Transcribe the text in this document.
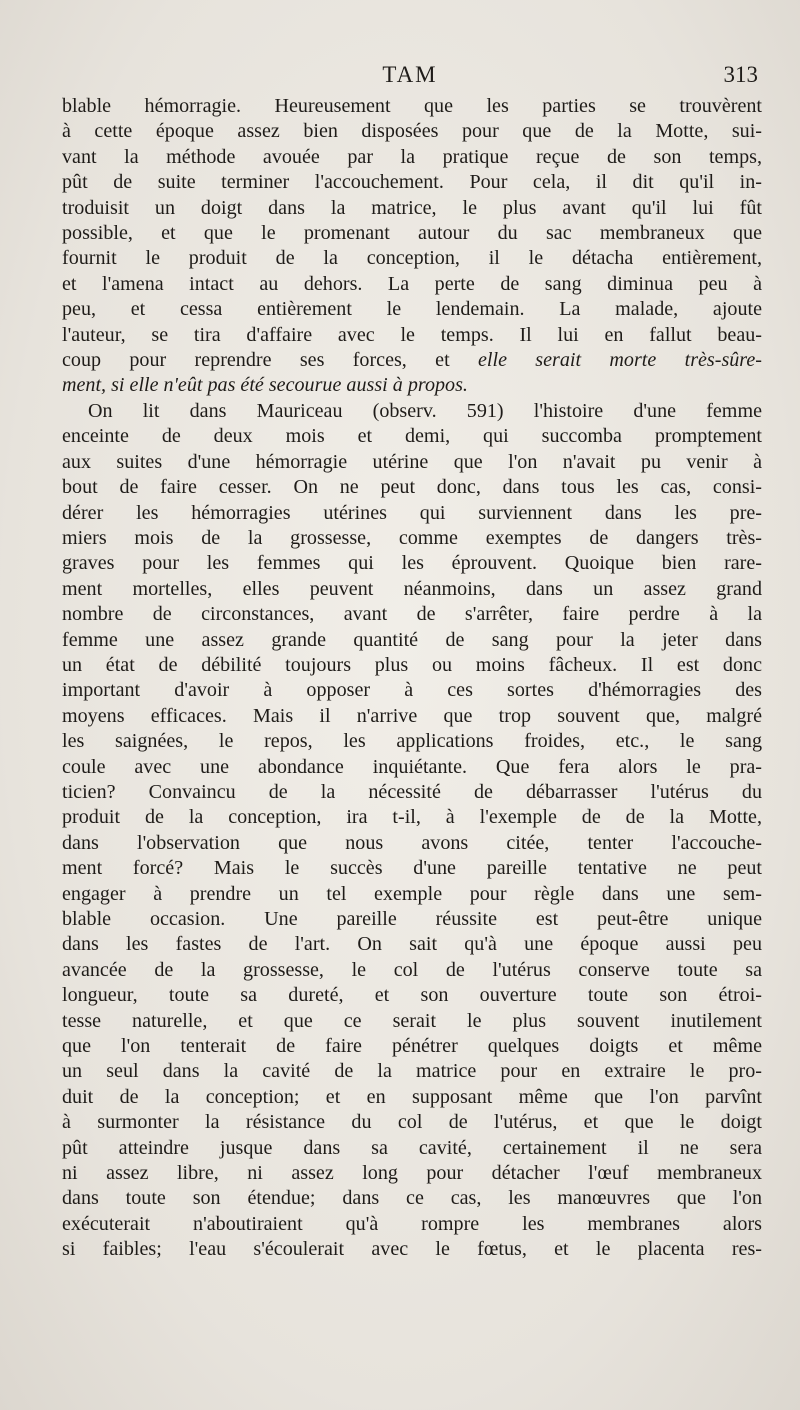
TAM	313

blable hémorragie. Heureusement que les parties se trouvèrent

à cette époque assez bien disposées pour que de la Motte, sui-

vant la méthode avouée par la pratique reçue de son temps,

pût de suite terminer l'accouchement. Pour cela, il dit qu'il in-

troduisit un doigt dans la matrice, le plus avant qu'il lui fût

possible, et que le promenant autour du sac membraneux que

fournit le produit de la conception, il le détacha entièrement,

et l'amena intact au dehors. La perte de sang diminua peu à

peu, et cessa entièrement le lendemain. La malade, ajoute

l'auteur, se tira d'affaire avec le temps. Il lui en fallut beau-

coup pour reprendre ses forces, et elle serait morte très-sûre-

ment, si elle n'eût pas été secourue aussi à propos.

On lit dans Mauriceau (observ. 591) l'histoire d'une femme

enceinte de deux mois et demi, qui succomba promptement

aux suites d'une hémorragie utérine que l'on n'avait pu venir à

bout de faire cesser. On ne peut donc, dans tous les cas, consi-

dérer les hémorragies utérines qui surviennent dans les pre-

miers mois de la grossesse, comme exemptes de dangers très-

graves pour les femmes qui les éprouvent. Quoique bien rare-

ment mortelles, elles peuvent néanmoins, dans un assez grand

nombre de circonstances, avant de s'arrêter, faire perdre à la

femme une assez grande quantité de sang pour la jeter dans

un état de débilité toujours plus ou moins fâcheux. Il est donc

important d'avoir à opposer à ces sortes d'hémorragies des

moyens efficaces. Mais il n'arrive que trop souvent que, malgré

les saignées, le repos, les applications froides, etc., le sang

coule avec une abondance inquiétante. Que fera alors le pra-

ticien? Convaincu de la nécessité de débarrasser l'utérus du

produit de la conception, ira t-il, à l'exemple de de la Motte,

dans l'observation que nous avons citée, tenter l'accouche-

ment forcé? Mais le succès d'une pareille tentative ne peut

engager à prendre un tel exemple pour règle dans une sem-

blable occasion. Une pareille réussite est peut-être unique

dans les fastes de l'art. On sait qu'à une époque aussi peu

avancée de la grossesse, le col de l'utérus conserve toute sa

longueur, toute sa dureté, et son ouverture toute son étroi-

tesse naturelle, et que ce serait le plus souvent inutilement

que l'on tenterait de faire pénétrer quelques doigts et même

un seul dans la cavité de la matrice pour en extraire le pro-

duit de la conception; et en supposant même que l'on parvînt

à surmonter la résistance du col de l'utérus, et que le doigt

pût atteindre jusque dans sa cavité, certainement il ne sera

ni assez libre, ni assez long pour détacher l'œuf membraneux

dans toute son étendue; dans ce cas, les manœuvres que l'on

exécuterait n'aboutiraient qu'à rompre les membranes alors

si faibles; l'eau s'écoulerait avec le fœtus, et le placenta res-
